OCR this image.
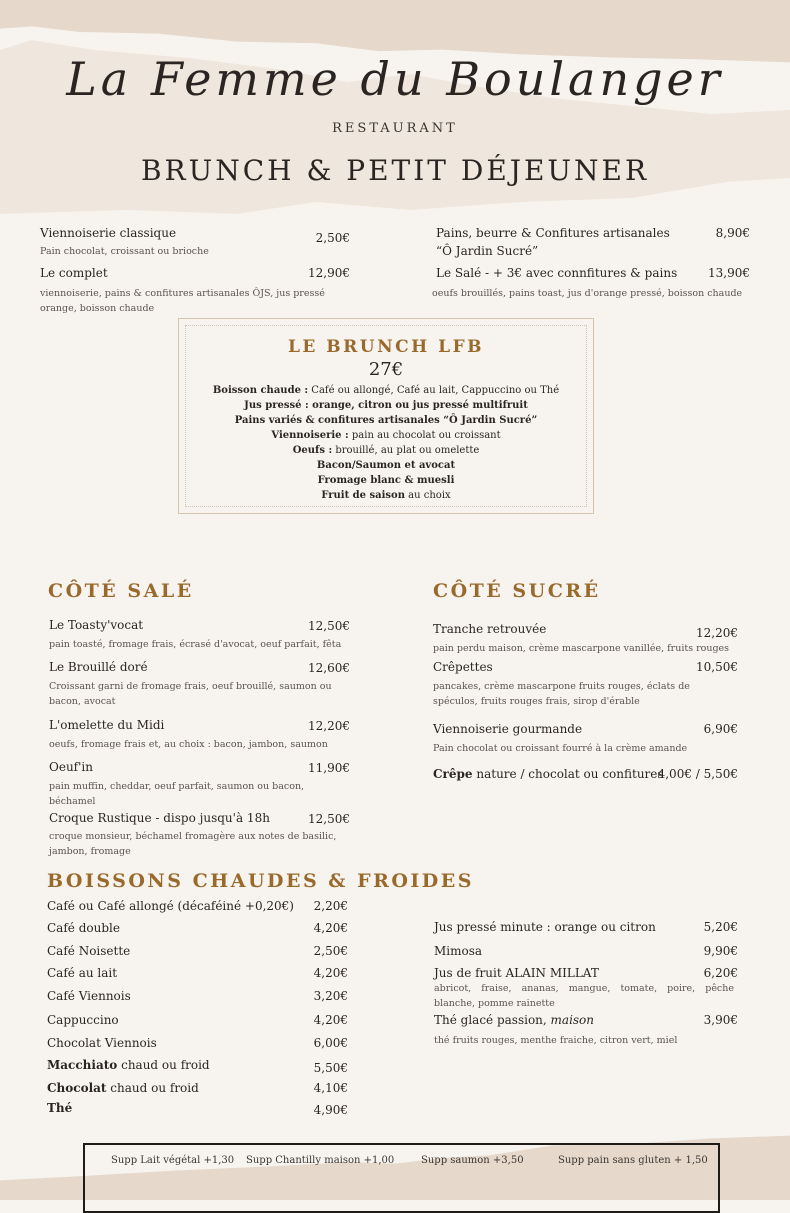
La Femme du Boulanger
RESTAURANT
BRUNCH & PETIT DÉJEUNER
Viennoiserie classique	2,50€
Pain chocolat, croissant ou brioche
Le complet	12,90€
viennoiserie, pains & confitures artisanales ÔJS, jus pressé orange, boisson chaude
Pains, beurre & Confitures artisanales
“Ô Jardin Sucré”
8,90€
Le Salé - + 3€ avec connfitures & pains	13,90€
oeufs brouillés, pains toast, jus d'orange pressé, boisson chaude
LE BRUNCH LFB
27€
Boisson chaude : Café ou allongé, Café au lait, Cappuccino ou Thé
Jus pressé : orange, citron ou jus pressé multifruit
Pains variés & confitures artisanales “Ô Jardin Sucré”
Viennoiserie : pain au chocolat ou croissant
Oeufs : brouillé, au plat ou omelette
Bacon/Saumon et avocat
Fromage blanc & muesli
Fruit de saison au choix
CÔTÉ SALÉ
Le Toasty'vocat	12,50€
pain toasté, fromage frais, écrasé d'avocat, oeuf parfait, fêta
Le Brouillé doré	12,60€
Croissant garni de fromage frais, oeuf brouillé, saumon ou bacon, avocat
L'omelette du Midi	12,20€
oeufs, fromage frais et, au choix : bacon, jambon, saumon
Oeuf'in	11,90€
pain muffin, cheddar, oeuf parfait, saumon ou bacon, béchamel
Croque Rustique - dispo jusqu'à 18h	12,50€
croque monsieur, béchamel fromagère aux notes de basilic, jambon, fromage
CÔTÉ SUCRÉ
Tranche retrouvée	12,20€
pain perdu maison, crème mascarpone vanillée, fruits rouges
Crêpettes	10,50€
pancakes, crème mascarpone fruits rouges, éclats de spéculos, fruits rouges frais, sirop d'érable
Viennoiserie gourmande	6,90€
Pain chocolat ou croissant fourré à la crème amande
Crêpe nature / chocolat ou confitures
4,00€ / 5,50€
BOISSONS CHAUDES & FROIDES
Café ou Café allongé (décaféiné +0,20€)	2,20€
Café double	4,20€
Café Noisette	2,50€
Café au lait	4,20€
Café Viennois	3,20€
Cappuccino	4,20€
Chocolat Viennois	6,00€
Macchiato chaud ou froid	5,50€
Chocolat chaud ou froid	4,10€
Thé	4,90€
Jus pressé minute : orange ou citron	5,20€
Mimosa	9,90€
Jus de fruit ALAIN MILLAT	6,20€
abricot, fraise, ananas, mangue, tomate, poire, pêche blanche, pomme rainette
Thé glacé passion, maison	3,90€
thé fruits rouges, menthe fraiche, citron vert, miel
Supp Lait végétal +1,30 Supp Chantilly maison +1,00	Supp saumon +3,50	Supp pain sans gluten + 1,50
